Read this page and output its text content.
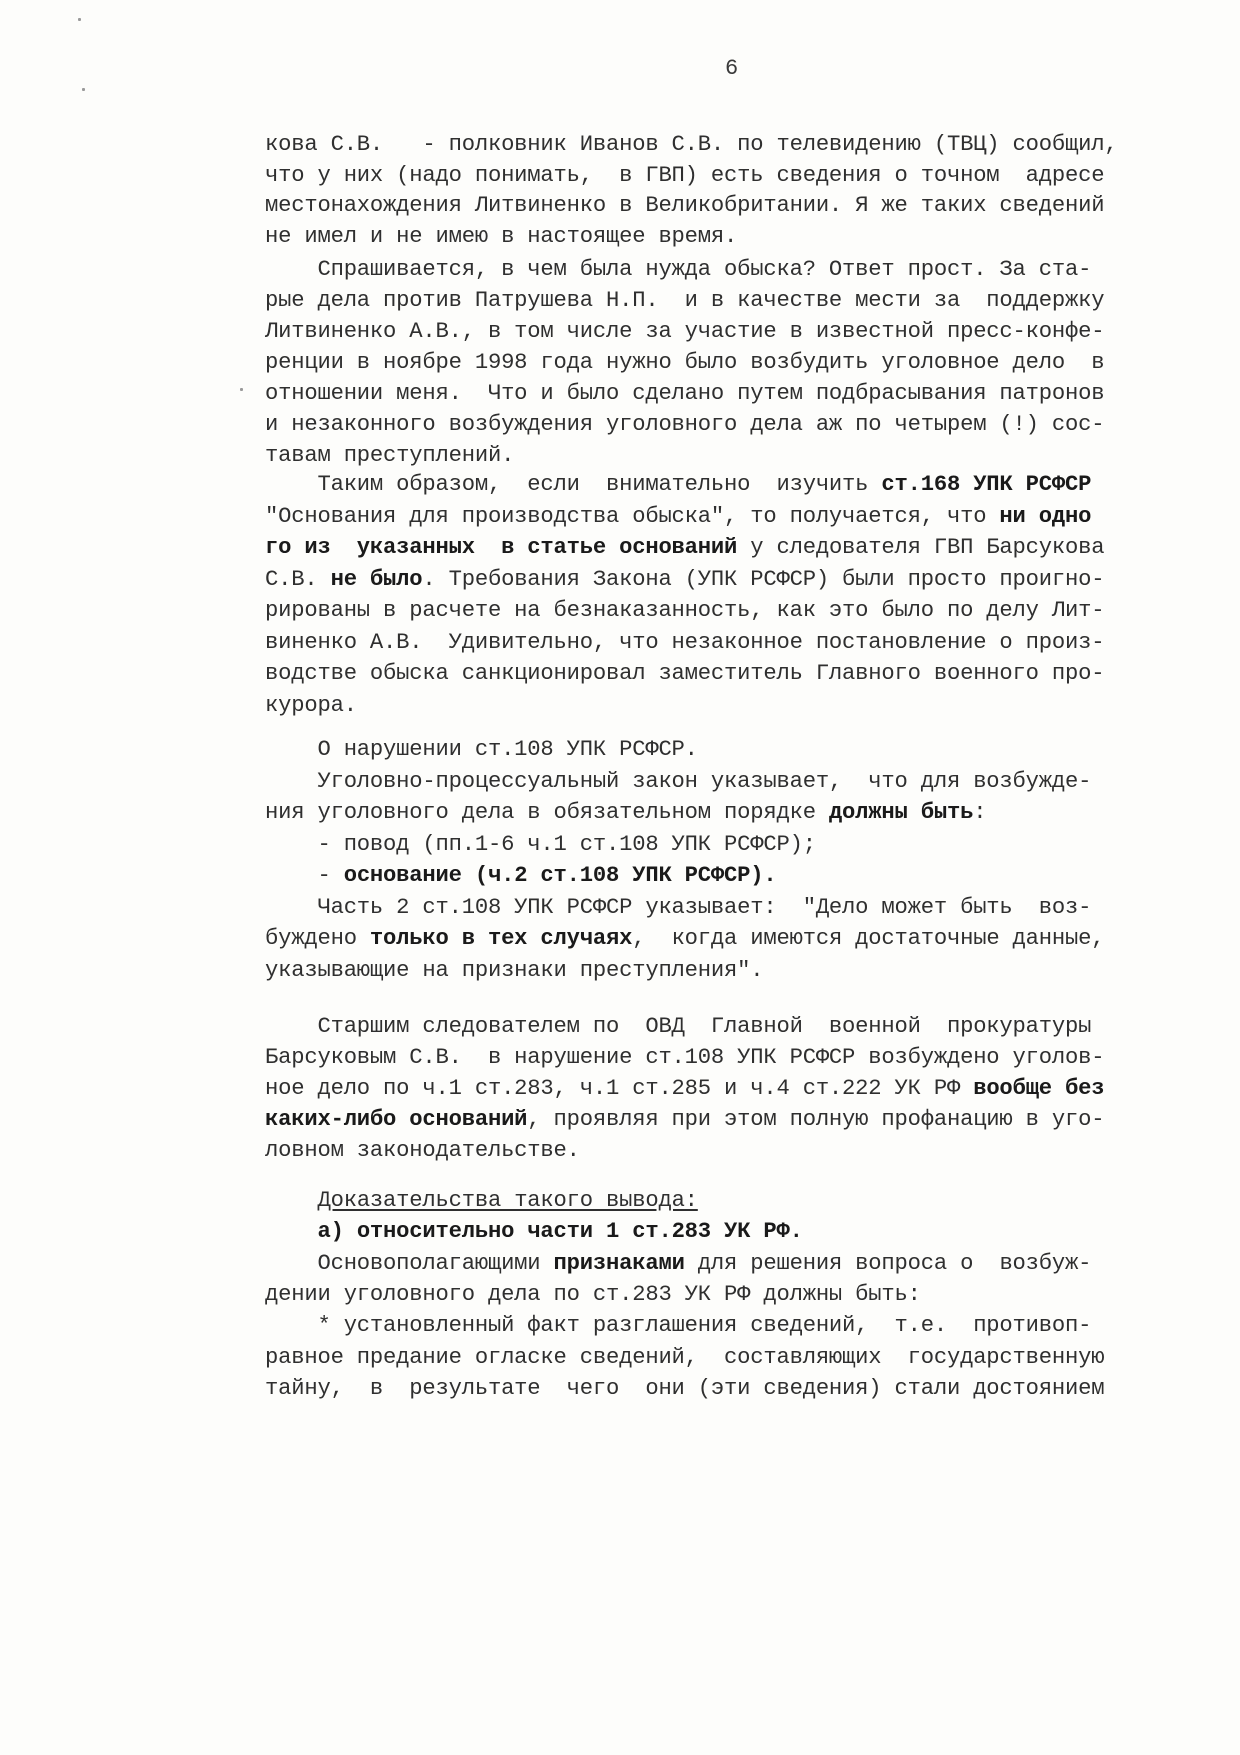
6
кова С.В.   - полковник Иванов С.В. по телевидению (ТВЦ) сообщил,
что у них (надо понимать,  в ГВП) есть сведения о точном  адресе
местонахождения Литвиненко в Великобритании. Я же таких сведений
не имел и не имею в настоящее время.
Спрашивается, в чем была нужда обыска? Ответ прост. За ста-
рые дела против Патрушева Н.П.  и в качестве мести за  поддержку
Литвиненко А.В., в том числе за участие в известной пресс-конфе-
ренции в ноябре 1998 года нужно было возбудить уголовное дело  в
отношении меня.  Что и было сделано путем подбрасывания патронов
и незаконного возбуждения уголовного дела аж по четырем (!) сос-
тавам преступлений.
Таким образом,  если  внимательно  изучить ст.168 УПК РСФСР
"Основания для производства обыска", то получается, что ни одно
го из  указанных  в статье оснований у следователя ГВП Барсукова
С.В. не было. Требования Закона (УПК РСФСР) были просто проигно-
рированы в расчете на безнаказанность, как это было по делу Лит-
виненко А.В.  Удивительно, что незаконное постановление о произ-
водстве обыска санкционировал заместитель Главного военного про-
курора.
О нарушении ст.108 УПК РСФСР.
Уголовно-процессуальный закон указывает,  что для возбужде-
ния уголовного дела в обязательном порядке должны быть:
- повод (пп.1-6 ч.1 ст.108 УПК РСФСР);
- основание (ч.2 ст.108 УПК РСФСР).
Часть 2 ст.108 УПК РСФСР указывает:  "Дело может быть  воз-
буждено только в тех случаях,  когда имеются достаточные данные,
указывающие на признаки преступления".
Старшим следователем по  ОВД  Главной  военной  прокуратуры
Барсуковым С.В.  в нарушение ст.108 УПК РСФСР возбуждено уголов-
ное дело по ч.1 ст.283, ч.1 ст.285 и ч.4 ст.222 УК РФ вообще без
каких-либо оснований, проявляя при этом полную профанацию в уго-
ловном законодательстве.
Доказательства такого вывода:
а) относительно части 1 ст.283 УК РФ.
Основополагающими признаками для решения вопроса о  возбуж-
дении уголовного дела по ст.283 УК РФ должны быть:
* установленный факт разглашения сведений,  т.е.  противоп-
равное предание огласке сведений,  составляющих  государственную
тайну,  в  результате  чего  они (эти сведения) стали достоянием
